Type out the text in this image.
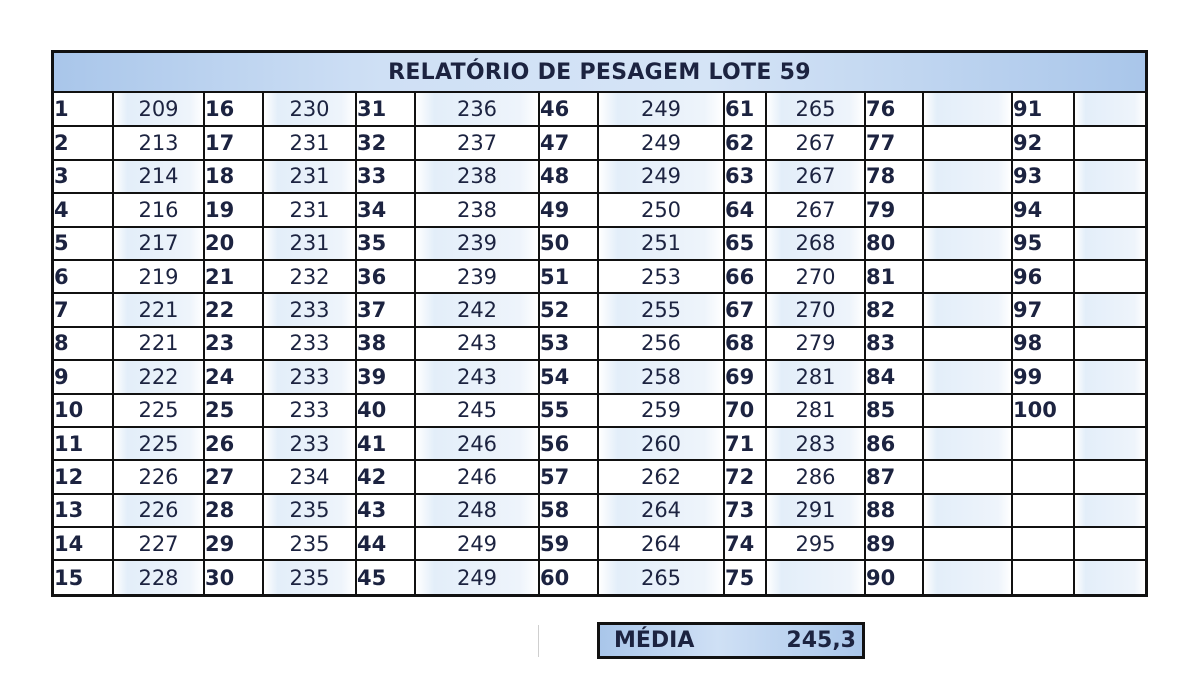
RELATÓRIO DE PESAGEM LOTE 59
1	209	16	230	31	236	46	249	61	265	76		91	
2	213	17	231	32	237	47	249	62	267	77		92	
3	214	18	231	33	238	48	249	63	267	78		93	
4	216	19	231	34	238	49	250	64	267	79		94	
5	217	20	231	35	239	50	251	65	268	80		95	
6	219	21	232	36	239	51	253	66	270	81		96	
7	221	22	233	37	242	52	255	67	270	82		97	
8	221	23	233	38	243	53	256	68	279	83		98	
9	222	24	233	39	243	54	258	69	281	84		99	
10	225	25	233	40	245	55	259	70	281	85		100	
11	225	26	233	41	246	56	260	71	283	86			
12	226	27	234	42	246	57	262	72	286	87			
13	226	28	235	43	248	58	264	73	291	88			
14	227	29	235	44	249	59	264	74	295	89			
15	228	30	235	45	249	60	265	75		90			
MÉDIA	245,3
